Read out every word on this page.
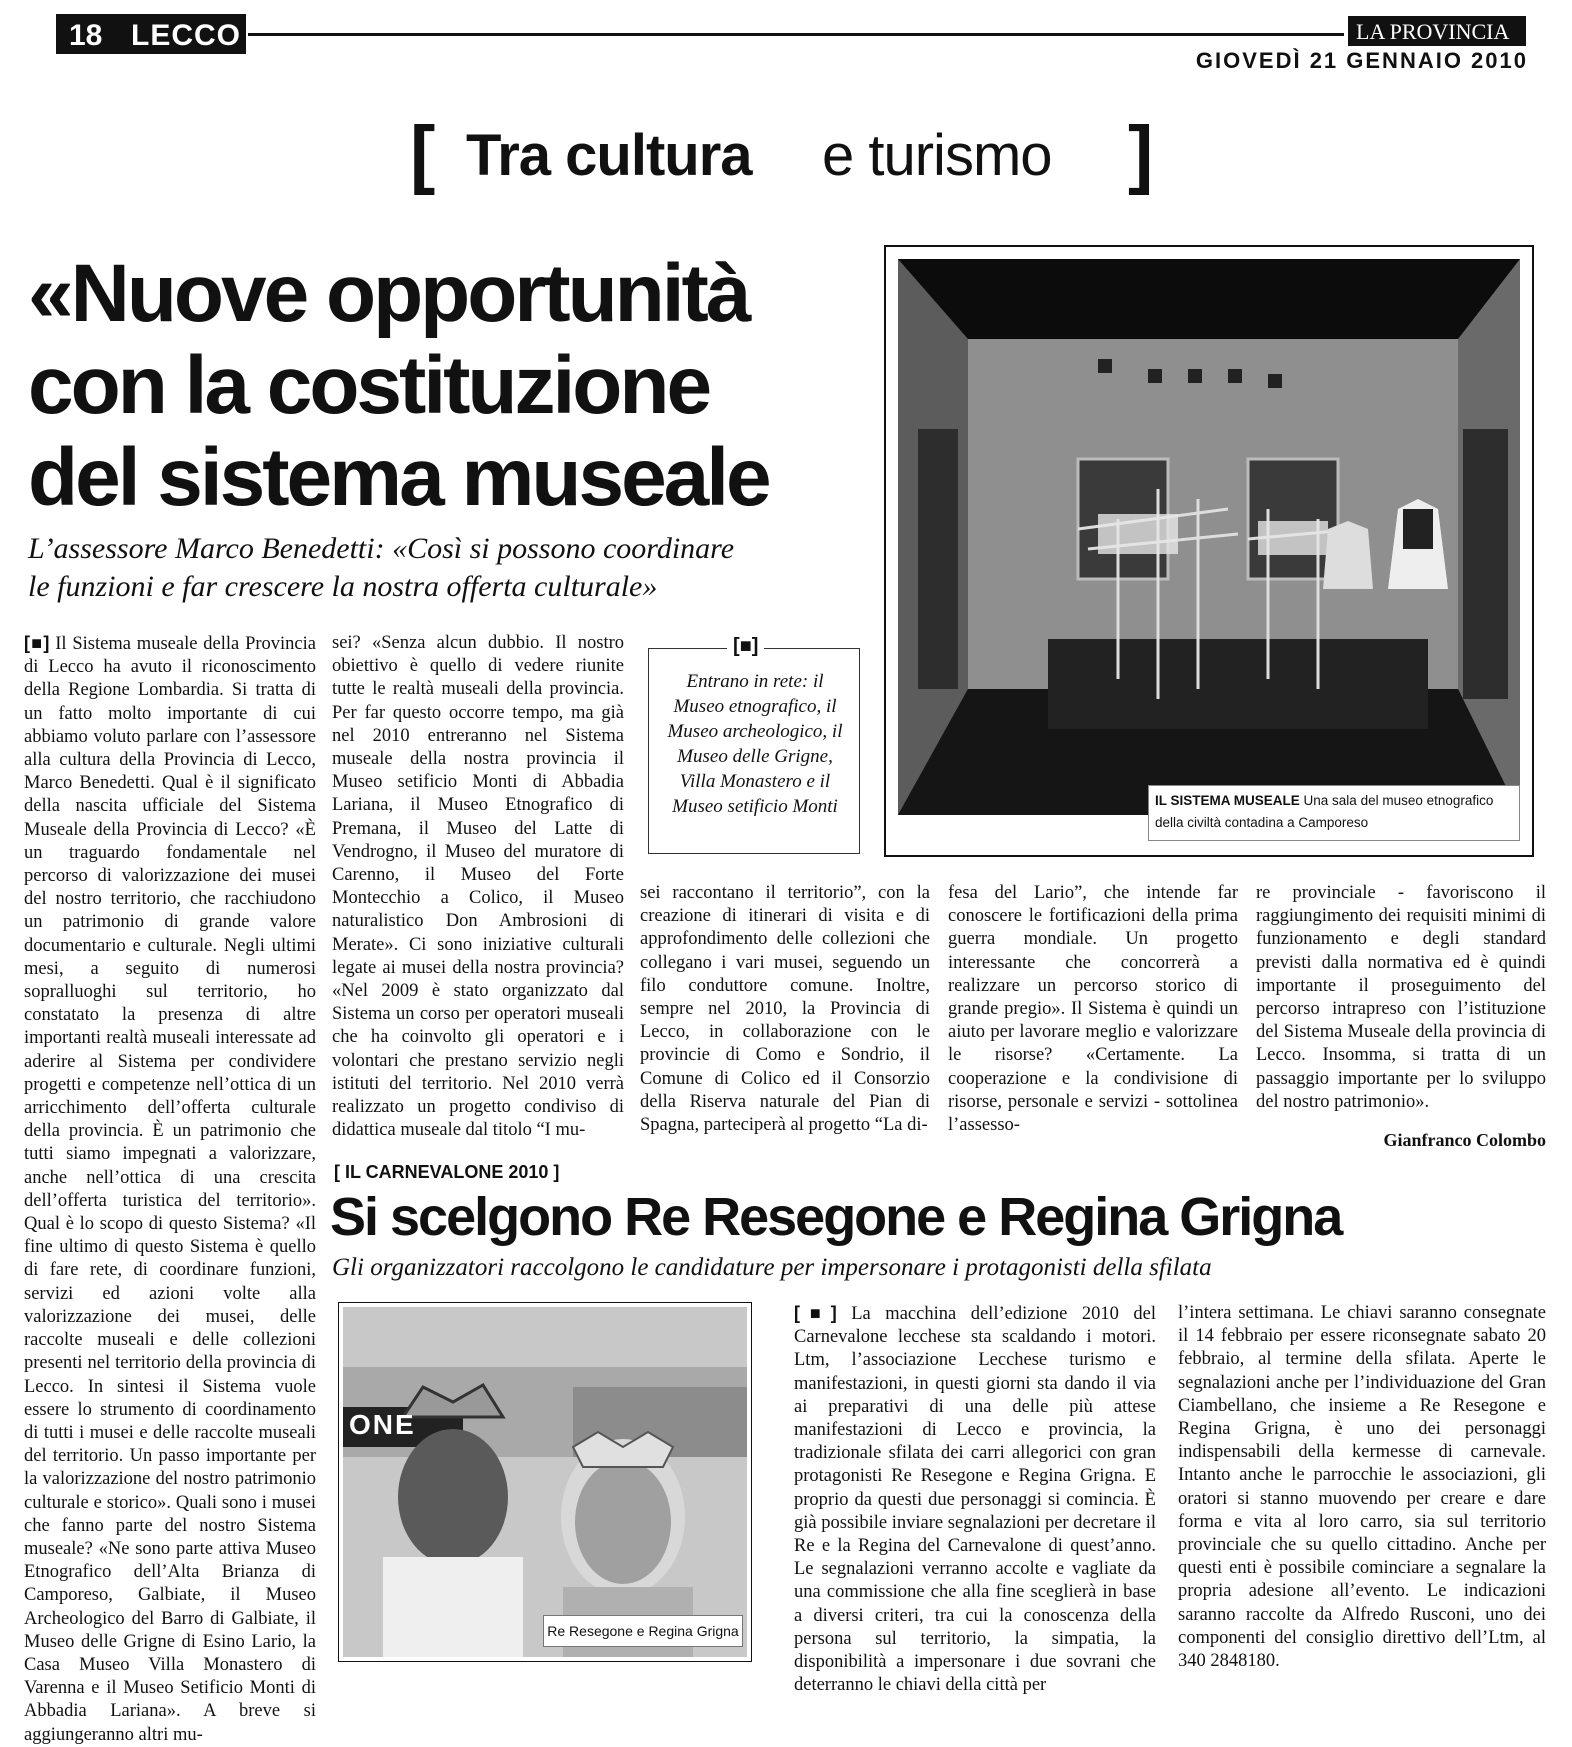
18 LECCO	LA PROVINCIA
GIOVEDÌ 21 GENNAIO 2010
[ Tra cultura e turismo ]
«Nuove opportunità
con la costituzione
del sistema museale
L’assessore Marco Benedetti: «Così si possono coordinare
le funzioni e far crescere la nostra offerta culturale»
IL SISTEMA MUSEALE Una sala del museo etnografico della civiltà contadina a Camporeso
[■]
Entrano in rete: il Museo etnografico, il Museo archeologico, il Museo delle Grigne, Villa Monastero e il Museo setificio Monti
[■] Il Sistema museale della Provincia di Lecco ha avuto il riconoscimento della Regione Lombardia. Si tratta di un fatto molto importante di cui abbiamo voluto parlare con l’assessore alla cultura della Provincia di Lecco, Marco Benedetti. Qual è il significato della nascita ufficiale del Sistema Museale della Provincia di Lecco? «È un traguardo fondamentale nel percorso di valorizzazione dei musei del nostro territorio, che racchiudono un patrimonio di grande valore documentario e culturale. Negli ultimi mesi, a seguito di numerosi sopralluoghi sul territorio, ho constatato la presenza di altre importanti realtà museali interessate ad aderire al Sistema per condividere progetti e competenze nell’ottica di un arricchimento dell’offerta culturale della provincia. È un patrimonio che tutti siamo impegnati a valorizzare, anche nell’ottica di una crescita dell’offerta turistica del territorio». Qual è lo scopo di questo Sistema? «Il fine ultimo di questo Sistema è quello di fare rete, di coordinare funzioni, servizi ed azioni volte alla valorizzazione dei musei, delle raccolte museali e delle collezioni presenti nel territorio della provincia di Lecco. In sintesi il Sistema vuole essere lo strumento di coordinamento di tutti i musei e delle raccolte museali del territorio. Un passo importante per la valorizzazione del nostro patrimonio culturale e storico». Quali sono i musei che fanno parte del nostro Sistema museale? «Ne sono parte attiva Museo Etnografico dell’Alta Brianza di Camporeso, Galbiate, il Museo Archeologico del Barro di Galbiate, il Museo delle Grigne di Esino Lario, la Casa Museo Villa Monastero di Varenna e il Museo Setificio Monti di Abbadia Lariana». A breve si aggiungeranno altri mu-
sei? «Senza alcun dubbio. Il nostro obiettivo è quello di vedere riunite tutte le realtà museali della provincia. Per far questo occorre tempo, ma già nel 2010 entreranno nel Sistema museale della nostra provincia il Museo setificio Monti di Abbadia Lariana, il Museo Etnografico di Premana, il Museo del Latte di Vendrogno, il Museo del muratore di Carenno, il Museo del Forte Montecchio a Colico, il Museo naturalistico Don Ambrosioni di Merate». Ci sono iniziative culturali legate ai musei della nostra provincia? «Nel 2009 è stato organizzato dal Sistema un corso per operatori museali che ha coinvolto gli operatori e i volontari che prestano servizio negli istituti del territorio. Nel 2010 verrà realizzato un progetto condiviso di didattica museale dal titolo “I mu-
sei raccontano il territorio”, con la creazione di itinerari di visita e di approfondimento delle collezioni che collegano i vari musei, seguendo un filo conduttore comune. Inoltre, sempre nel 2010, la Provincia di Lecco, in collaborazione con le provincie di Como e Sondrio, il Comune di Colico ed il Consorzio della Riserva naturale del Pian di Spagna, parteciperà al progetto “La di-
fesa del Lario”, che intende far conoscere le fortificazioni della prima guerra mondiale. Un progetto interessante che concorrerà a realizzare un percorso storico di grande pregio». Il Sistema è quindi un aiuto per lavorare meglio e valorizzare le risorse? «Certamente. La cooperazione e la condivisione di risorse, personale e servizi - sottolinea l’assesso-
re provinciale - favoriscono il raggiungimento dei requisiti minimi di funzionamento e degli standard previsti dalla normativa ed è quindi importante il proseguimento del percorso intrapreso con l’istituzione del Sistema Museale della provincia di Lecco. Insomma, si tratta di un passaggio importante per lo sviluppo del nostro patrimonio».
Gianfranco Colombo
[ IL CARNEVALONE 2010 ]
Si scelgono Re Resegone e Regina Grigna
Gli organizzatori raccolgono le candidature per impersonare i protagonisti della sfilata
ONE
Re Resegone e Regina Grigna
[■] La macchina dell’edizione 2010 del Carnevalone lecchese sta scaldando i motori. Ltm, l’associazione Lecchese turismo e manifestazioni, in questi giorni sta dando il via ai preparativi di una delle più attese manifestazioni di Lecco e provincia, la tradizionale sfilata dei carri allegorici con gran protagonisti Re Resegone e Regina Grigna. E proprio da questi due personaggi si comincia. È già possibile inviare segnalazioni per decretare il Re e la Regina del Carnevalone di quest’anno. Le segnalazioni verranno accolte e vagliate da una commissione che alla fine sceglierà in base a diversi criteri, tra cui la conoscenza della persona sul territorio, la simpatia, la disponibilità a impersonare i due sovrani che deterranno le chiavi della città per
l’intera settimana. Le chiavi saranno consegnate il 14 febbraio per essere riconsegnate sabato 20 febbraio, al termine della sfilata. Aperte le segnalazioni anche per l’individuazione del Gran Ciambellano, che insieme a Re Resegone e Regina Grigna, è uno dei personaggi indispensabili della kermesse di carnevale. Intanto anche le parrocchie le associazioni, gli oratori si stanno muovendo per creare e dare forma e vita al loro carro, sia sul territorio provinciale che su quello cittadino. Anche per questi enti è possibile cominciare a segnalare la propria adesione all’evento. Le indicazioni saranno raccolte da Alfredo Rusconi, uno dei componenti del consiglio direttivo dell’Ltm, al 340 2848180.
